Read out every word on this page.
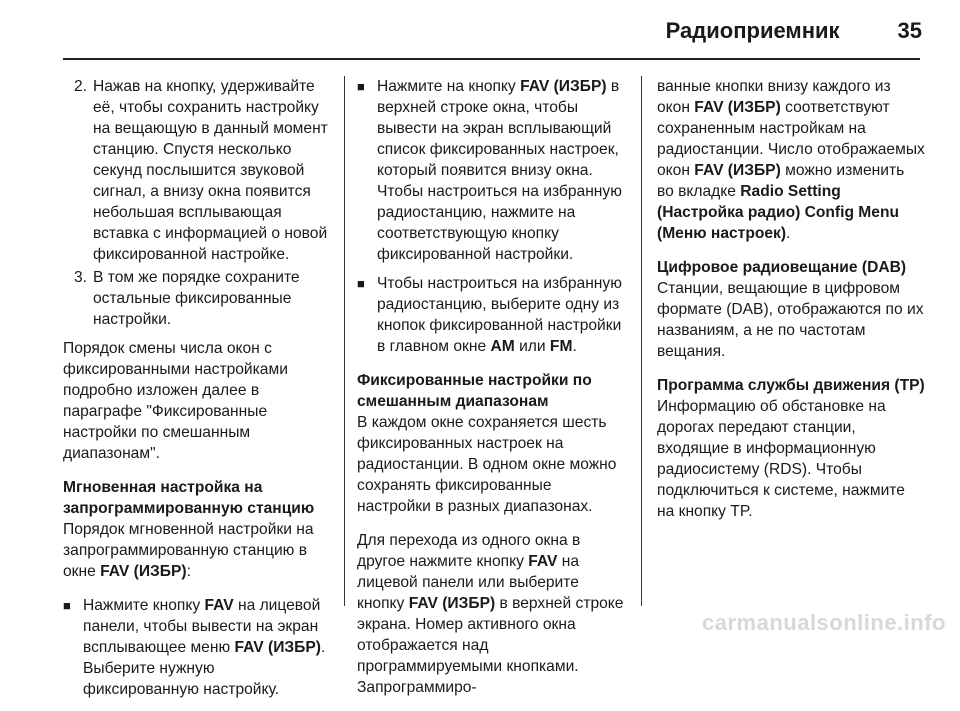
Радиоприемник	35
2. Нажав на кнопку, удерживайте её, чтобы сохранить настройку на вещающую в данный момент станцию. Спустя несколько секунд послышится звуковой сигнал, а внизу окна появится небольшая всплывающая вставка с информацией о новой фиксированной настройке.
3. В том же порядке сохраните остальные фиксированные настройки.

Порядок смены числа окон с фиксированными настройками подробно изложен далее в параграфе "Фиксированные настройки по смешанным диапазонам".

Мгновенная настройка на запрограммированную станцию
Порядок мгновенной настройки на запрограммированную станцию в окне FAV (ИЗБР):
■ Нажмите кнопку FAV на лицевой панели, чтобы вывести на экран всплывающее меню FAV (ИЗБР). Выберите нужную фиксированную настройку.
■ Нажмите на кнопку FAV (ИЗБР) в верхней строке окна, чтобы вывести на экран всплывающий список фиксированных настроек, который появится внизу окна. Чтобы настроиться на избранную радиостанцию, нажмите на соответствующую кнопку фиксированной настройки.
■ Чтобы настроиться на избранную радиостанцию, выберите одну из кнопок фиксированной настройки в главном окне AM или FM.
Фиксированные настройки по смешанным диапазонам
В каждом окне сохраняется шесть фиксированных настроек на радиостанции. В одном окне можно сохранять фиксированные настройки в разных диапазонах.

Для перехода из одного окна в другое нажмите кнопку FAV на лицевой панели или выберите кнопку FAV (ИЗБР) в верхней строке экрана. Номер активного окна отображается над программируемыми кнопками. Запрограммиро-

ванные кнопки внизу каждого из окон FAV (ИЗБР) соответствуют сохраненным настройкам на радиостанции. Число отображаемых окон FAV (ИЗБР) можно изменить во вкладке Radio Setting (Настройка радио) Config Menu (Меню настроек).

Цифровое радиовещание (DAB)
Станции, вещающие в цифровом формате (DAB), отображаются по их названиям, а не по частотам вещания.
Программа службы движения (TP)
Информацию об обстановке на дорогах передают станции, входящие в информационную радиосистему (RDS). Чтобы подключиться к системе, нажмите на кнопку TP.
carmanualsonline.info
